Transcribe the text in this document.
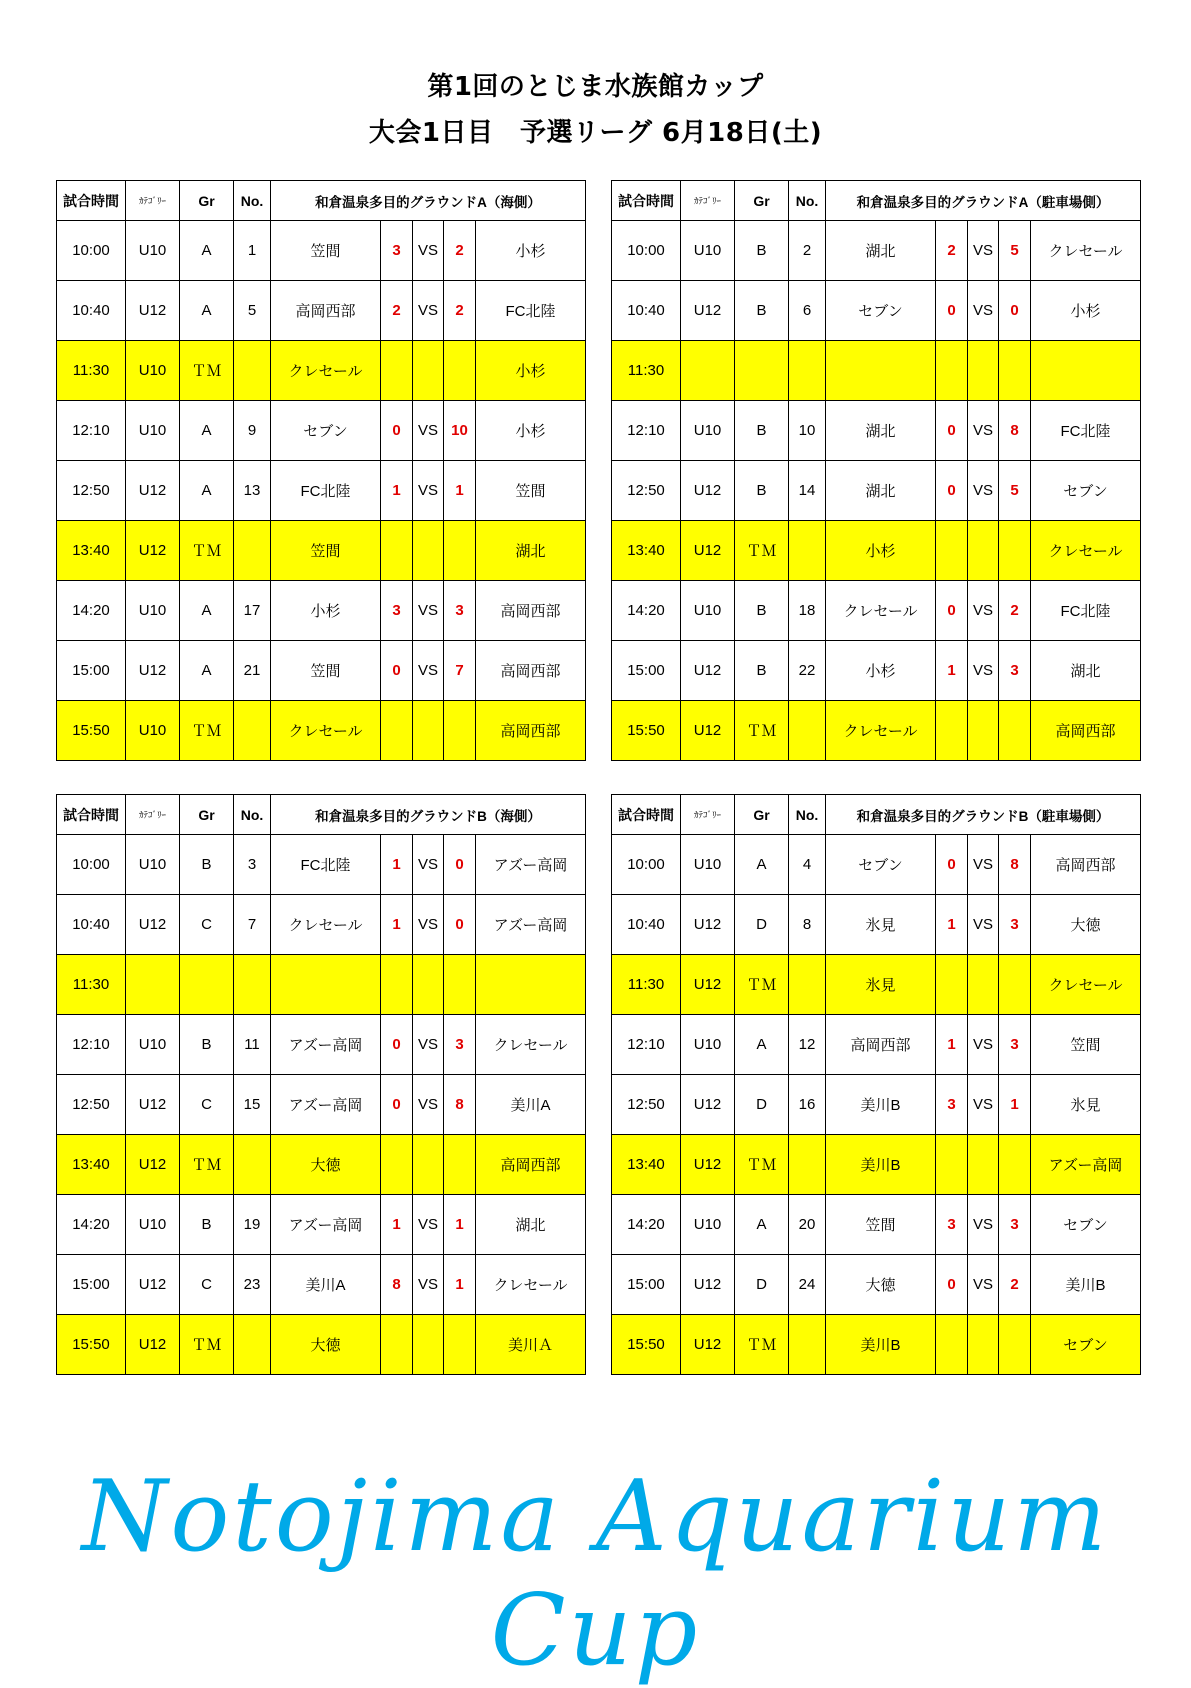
第1回のとじま水族館カップ
大会1日目　予選リーグ 6月18日(土)
試合時間	ｶﾃｺﾞﾘｰ	Gr	No.	和倉温泉多目的グラウンドA（海側）				
10:00	U10	A	1	笠間	3	VS	2	小杉
10:40	U12	A	5	高岡西部	2	VS	2	FC北陸
11:30	U10	ＴＭ		クレセール				小杉
12:10	U10	A	9	セブン	0	VS	10	小杉
12:50	U12	A	13	FC北陸	1	VS	1	笠間
13:40	U12	ＴＭ		笠間				湖北
14:20	U10	A	17	小杉	3	VS	3	高岡西部
15:00	U12	A	21	笠間	0	VS	7	高岡西部
15:50	U10	ＴＭ		クレセール				高岡西部
試合時間	ｶﾃｺﾞﾘｰ	Gr	No.	和倉温泉多目的グラウンドA（駐車場側）				
10:00	U10	B	2	湖北	2	VS	5	クレセール
10:40	U12	B	6	セブン	0	VS	0	小杉
11:30								
12:10	U10	B	10	湖北	0	VS	8	FC北陸
12:50	U12	B	14	湖北	0	VS	5	セブン
13:40	U12	ＴＭ		小杉				クレセール
14:20	U10	B	18	クレセール	0	VS	2	FC北陸
15:00	U12	B	22	小杉	1	VS	3	湖北
15:50	U12	ＴＭ		クレセール				高岡西部
試合時間	ｶﾃｺﾞﾘｰ	Gr	No.	和倉温泉多目的グラウンドB（海側）				
10:00	U10	B	3	FC北陸	1	VS	0	アズー高岡
10:40	U12	C	7	クレセール	1	VS	0	アズー高岡
11:30								
12:10	U10	B	11	アズー高岡	0	VS	3	クレセール
12:50	U12	C	15	アズー高岡	0	VS	8	美川A
13:40	U12	ＴＭ		大徳				高岡西部
14:20	U10	B	19	アズー高岡	1	VS	1	湖北
15:00	U12	C	23	美川A	8	VS	1	クレセール
15:50	U12	ＴＭ		大徳				美川Ａ
試合時間	ｶﾃｺﾞﾘｰ	Gr	No.	和倉温泉多目的グラウンドB（駐車場側）				
10:00	U10	A	4	セブン	0	VS	8	高岡西部
10:40	U12	D	8	氷見	1	VS	3	大徳
11:30	U12	ＴＭ		氷見				クレセール
12:10	U10	A	12	高岡西部	1	VS	3	笠間
12:50	U12	D	16	美川B	3	VS	1	氷見
13:40	U12	ＴＭ		美川B				アズー高岡
14:20	U10	A	20	笠間	3	VS	3	セブン
15:00	U12	D	24	大徳	0	VS	2	美川B
15:50	U12	ＴＭ		美川B				セブン
Notojima Aquarium Cup
